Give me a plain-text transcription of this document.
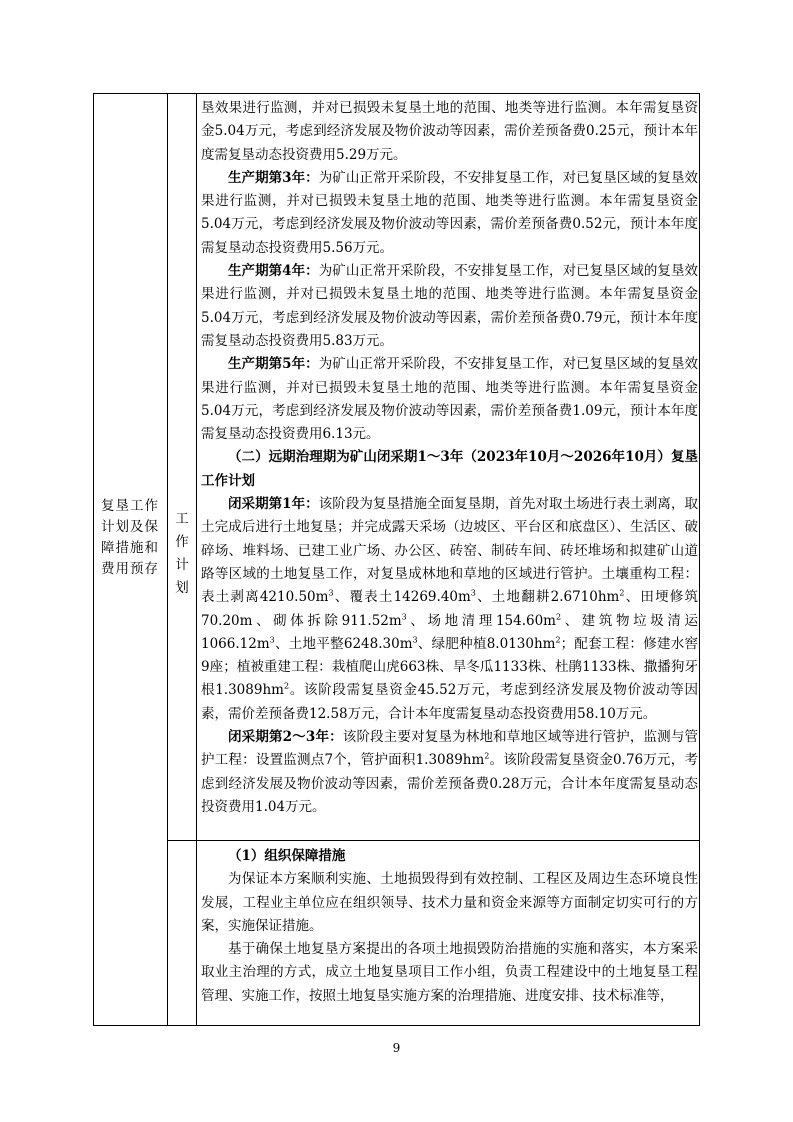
复垦工作计划及保障措施和费用预存
工作计划

垦效果进行监测，并对已损毁未复垦土地的范围、地类等进行监测。本年需复垦资金5.04万元，考虑到经济发展及物价波动等因素，需价差预备费0.25元，预计本年度需复垦动态投资费用5.29万元。

生产期第3年：为矿山正常开采阶段，不安排复垦工作，对已复垦区域的复垦效果进行监测，并对已损毁未复垦土地的范围、地类等进行监测。本年需复垦资金5.04万元，考虑到经济发展及物价波动等因素，需价差预备费0.52元，预计本年度需复垦动态投资费用5.56万元。

生产期第4年：为矿山正常开采阶段，不安排复垦工作，对已复垦区域的复垦效果进行监测，并对已损毁未复垦土地的范围、地类等进行监测。本年需复垦资金5.04万元，考虑到经济发展及物价波动等因素，需价差预备费0.79元，预计本年度需复垦动态投资费用5.83万元。

生产期第5年：为矿山正常开采阶段，不安排复垦工作，对已复垦区域的复垦效果进行监测，并对已损毁未复垦土地的范围、地类等进行监测。本年需复垦资金5.04万元，考虑到经济发展及物价波动等因素，需价差预备费1.09元，预计本年度需复垦动态投资费用6.13元。

（二）远期治理期为矿山闭采期1～3年（2023年10月～2026年10月）复垦工作计划

闭采期第1年：该阶段为复垦措施全面复垦期，首先对取土场进行表土剥离，取土完成后进行土地复垦；并完成露天采场（边坡区、平台区和底盘区）、生活区、破碎场、堆料场、已建工业广场、办公区、砖窑、制砖车间、砖坯堆场和拟建矿山道路等区域的土地复垦工作，对复垦成林地和草地的区域进行管护。土壤重构工程：表土剥离$4210.50m^3$、覆表土$14269.40m^3$、土地翻耕$2.6710hm^2$、田埂修筑70.20m、砌体拆除$911.52m^3$、场地清理$154.60m^2$、建筑物垃圾清运$1066.12m^3$、土地平整$6248.30m^3$、绿肥种植$8.0130hm^2$；配套工程：修建水窖9座；植被重建工程：栽植爬山虎663株、旱冬瓜1133株、杜鹃1133株、撒播狗牙根$1.3089hm^2$。该阶段需复垦资金45.52万元，考虑到经济发展及物价波动等因素，需价差预备费12.58万元，合计本年度需复垦动态投资费用58.10万元。

闭采期第2～3年：该阶段主要对复垦为林地和草地区域等进行管护，监测与管护工程：设置监测点7个，管护面积$1.3089hm^2$。该阶段需复垦资金0.76万元，考虑到经济发展及物价波动等因素，需价差预备费0.28万元，合计本年度需复垦动态投资费用1.04万元。

（1）组织保障措施

为保证本方案顺利实施、土地损毁得到有效控制、工程区及周边生态环境良性发展，工程业主单位应在组织领导、技术力量和资金来源等方面制定切实可行的方案，实施保证措施。

基于确保土地复垦方案提出的各项土地损毁防治措施的实施和落实，本方案采取业主治理的方式，成立土地复垦项目工作小组，负责工程建设中的土地复垦工程管理、实施工作，按照土地复垦实施方案的治理措施、进度安排、技术标准等，

9
